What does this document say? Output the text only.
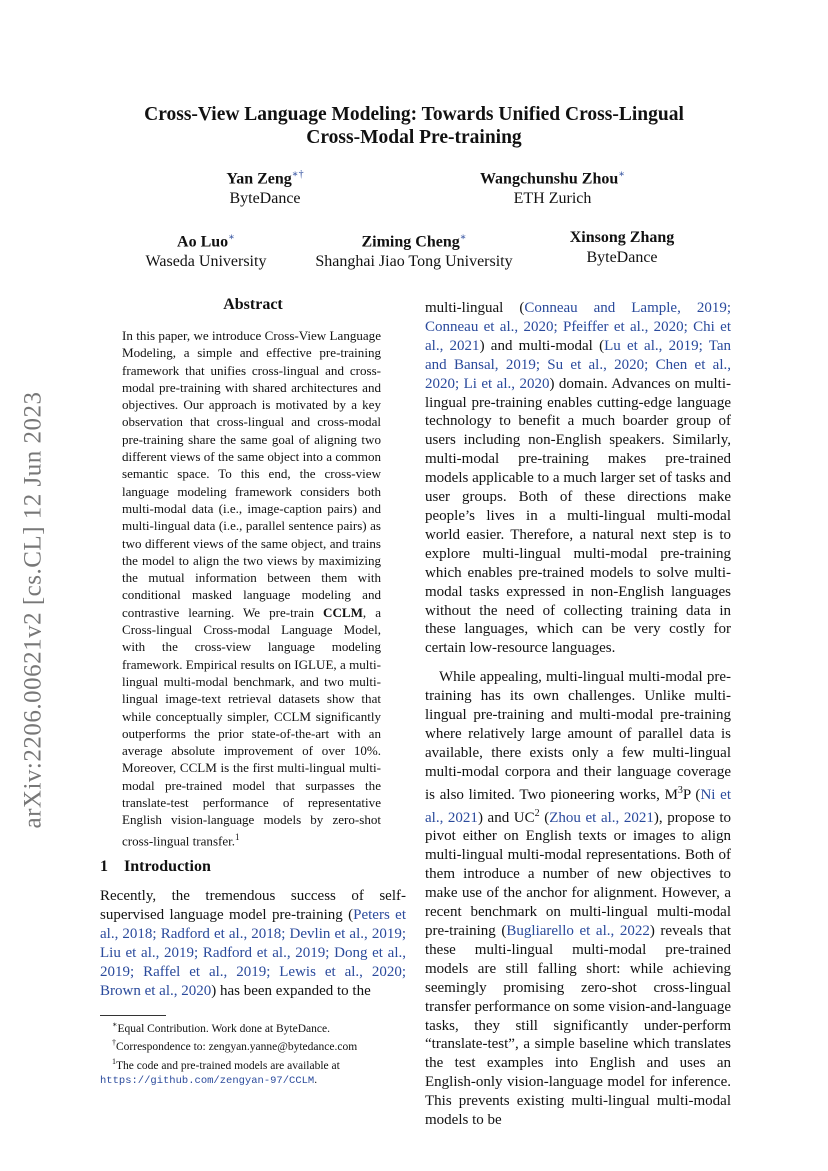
arXiv:2206.00621v2 [cs.CL] 12 Jun 2023
Cross-View Language Modeling: Towards Unified Cross-Lingual
Cross-Modal Pre-training
Yan Zeng∗†
ByteDance
Wangchunshu Zhou∗
ETH Zurich
Ao Luo∗
Waseda University
Ziming Cheng∗
Shanghai Jiao Tong University
Xinsong Zhang
ByteDance
Abstract
In this paper, we introduce Cross-View Language Modeling, a simple and effective pre-training framework that unifies cross-lingual and cross-modal pre-training with shared architectures and objectives. Our approach is motivated by a key observation that cross-lingual and cross-modal pre-training share the same goal of aligning two different views of the same object into a common semantic space. To this end, the cross-view language modeling framework considers both multi-modal data (i.e., image-caption pairs) and multi-lingual data (i.e., parallel sentence pairs) as two different views of the same object, and trains the model to align the two views by maximizing the mutual information between them with conditional masked language modeling and contrastive learning. We pre-train CCLM, a Cross-lingual Cross-modal Language Model, with the cross-view language modeling framework. Empirical results on IGLUE, a multi-lingual multi-modal benchmark, and two multi-lingual image-text retrieval datasets show that while conceptually simpler, CCLM significantly outperforms the prior state-of-the-art with an average absolute improvement of over 10%. Moreover, CCLM is the first multi-lingual multi-modal pre-trained model that surpasses the translate-test performance of representative English vision-language models by zero-shot cross-lingual transfer.$^1$
1 Introduction

Recently, the tremendous success of self-supervised language model pre-training (Peters et al., 2018; Radford et al., 2018; Devlin et al., 2019; Liu et al., 2019; Radford et al., 2019; Dong et al., 2019; Raffel et al., 2019; Lewis et al., 2020; Brown et al., 2020) has been expanded to the

∗Equal Contribution. Work done at ByteDance.
†Correspondence to: zengyan.yanne@bytedance.com
$^1$The code and pre-trained models are available at https://github.com/zengyan-97/CCLM.

multi-lingual (Conneau and Lample, 2019; Conneau et al., 2020; Pfeiffer et al., 2020; Chi et al., 2021) and multi-modal (Lu et al., 2019; Tan and Bansal, 2019; Su et al., 2020; Chen et al., 2020; Li et al., 2020) domain. Advances on multi-lingual pre-training enables cutting-edge language technology to benefit a much boarder group of users including non-English speakers. Similarly, multi-modal pre-training makes pre-trained models applicable to a much larger set of tasks and user groups. Both of these directions make people’s lives in a multi-lingual multi-modal world easier. Therefore, a natural next step is to explore multi-lingual multi-modal pre-training which enables pre-trained models to solve multi-modal tasks expressed in non-English languages without the need of collecting training data in these languages, which can be very costly for certain low-resource languages.

While appealing, multi-lingual multi-modal pre-training has its own challenges. Unlike multi-lingual pre-training and multi-modal pre-training where relatively large amount of parallel data is available, there exists only a few multi-lingual multi-modal corpora and their language coverage is also limited. Two pioneering works, $M^3P$ (Ni et al., 2021) and $UC^2$ (Zhou et al., 2021), propose to pivot either on English texts or images to align multi-lingual multi-modal representations. Both of them introduce a number of new objectives to make use of the anchor for alignment. However, a recent benchmark on multi-lingual multi-modal pre-training (Bugliarello et al., 2022) reveals that these multi-lingual multi-modal pre-trained models are still falling short: while achieving seemingly promising zero-shot cross-lingual transfer performance on some vision-and-language tasks, they still significantly under-perform “translate-test”, a simple baseline which translates the test examples into English and uses an English-only vision-language model for inference. This prevents existing multi-lingual multi-modal models to be
